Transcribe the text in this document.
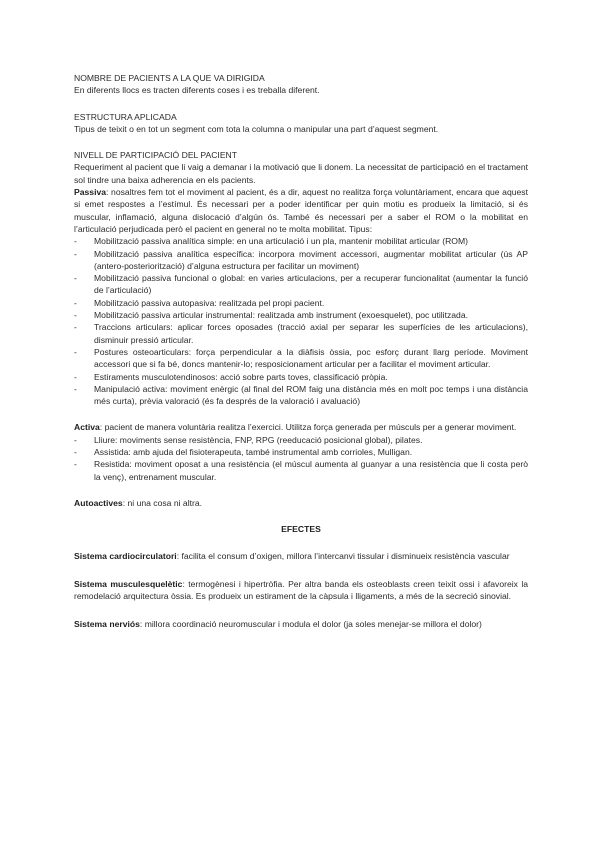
NOMBRE DE PACIENTS A LA QUE VA DIRIGIDA

En diferents llocs es tracten diferents coses i es treballa diferent.

ESTRUCTURA APLICADA

Tipus de teixit o en tot un segment com tota la columna o manipular una part d’aquest segment.

NIVELL DE PARTICIPACIÓ DEL PACIENT

Requeriment al pacient que li vaig a demanar i la motivació que li donem. La necessitat de participació en el tractament sol tindre una baixa adherencia en els pacients.

Passiva: nosaltres fem tot el moviment al pacient, és a dir, aquest no realitza força voluntàriament, encara que aquest si emet respostes a l’estímul. És necessari per a poder identificar per quin motiu es produeix la limitació, si és muscular, inflamació, alguna dislocació d’algún ós. També és necessari per a saber el ROM o la mobilitat en l’articulació perjudicada però el pacient en general no te molta mobilitat. Tipus:

- Mobilització passiva analítica simple: en una articulació i un pla, mantenir mobilitat articular (ROM)
- Mobilització passiva analítica específica: incorpora moviment accessori, augmentar mobilitat articular (ús AP (antero-posteriorització) d’alguna estructura per facilitar un moviment)
- Mobilització passiva funcional o global: en varies articulacions, per a recuperar funcionalitat (aumentar la funció de l’articulació)
- Mobilització passiva autopasiva: realitzada pel propi pacient.
- Mobilització passiva articular instrumental: realitzada amb instrument (exoesquelet), poc utilitzada.
- Traccions articulars: aplicar forces oposades (tracció axial per separar les superfícies de les articulacions), disminuir pressió articular.
- Postures osteoarticulars: força perpendicular a la diàfisis òssia, poc esforç durant llarg període. Moviment accessori que si fa bé, doncs mantenir-lo; resposicionament articular per a facilitar el moviment articular.
- Estiraments musculotendinosos: acció sobre parts toves, classificació pròpia.
- Manipulació activa: moviment enèrgic (al final del ROM faig una distància més en molt poc temps i una distància més curta), prèvia valoració (és fa després de la valoració i avaluació)

Activa: pacient de manera voluntària realitza l’exercici. Utilitza força generada per músculs per a generar moviment.

- Lliure: moviments sense resistència, FNP, RPG (reeducació posicional global), pilates.
- Assistida: amb ajuda del fisioterapeuta, també instrumental amb corrioles, Mulligan.
- Resistida: moviment oposat a una resistència (el múscul aumenta al guanyar a una resistència que li costa però la venç), entrenament muscular.

Autoactives: ni una cosa ni altra.

EFECTES

Sistema cardiocirculatori: facilita el consum d’oxigen, millora l’intercanvi tissular i disminueix resistència vascular

Sistema musculesquelètic: termogènesi i hipertròfia. Per altra banda els osteoblasts creen teixit ossi i afavoreix la remodelació arquitectura òssia. Es produeix un estirament de la càpsula i lligaments, a més de la secreció sinovial.

Sistema nerviós: millora coordinació neuromuscular i modula el dolor (ja soles menejar-se millora el dolor)
